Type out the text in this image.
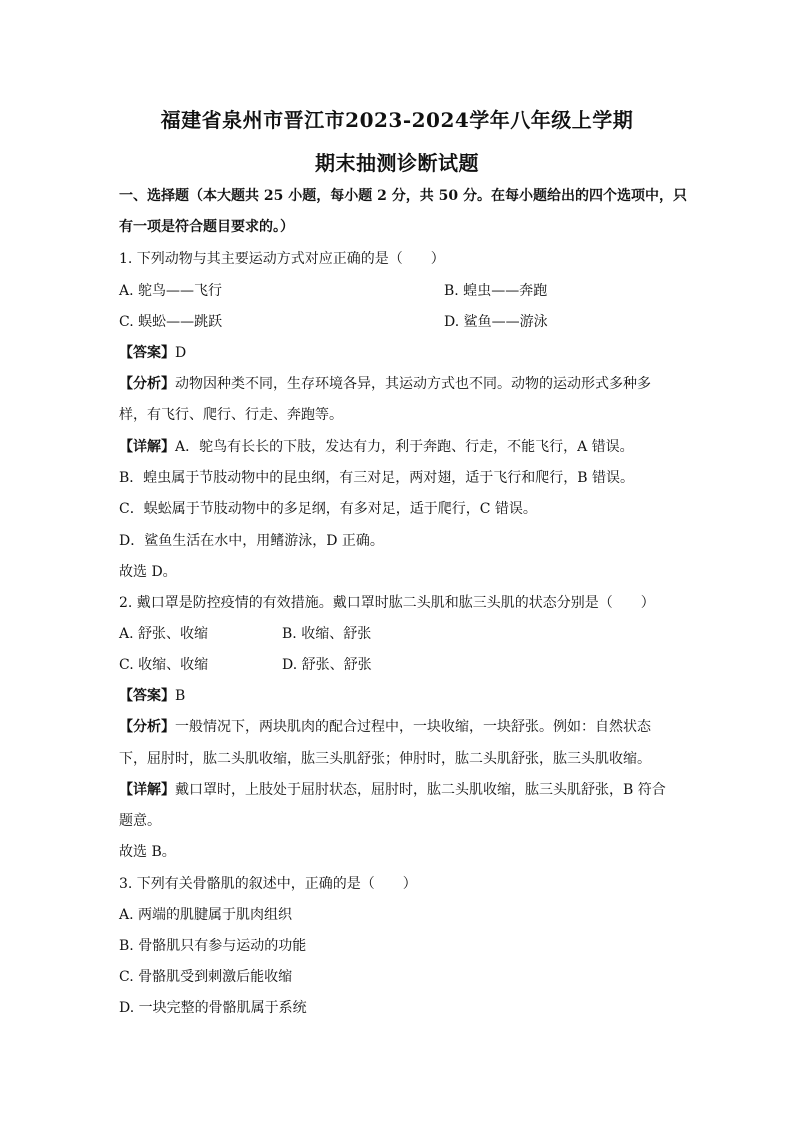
福建省泉州市晋江市2023-2024学年八年级上学期
期末抽测诊断试题
一、选择题（本大题共 25 小题，每小题 2 分，共 50 分。在每小题给出的四个选项中，只
有一项是符合题目要求的。）
1. 下列动物与其主要运动方式对应正确的是（　　）
A. 鸵鸟——飞行	B. 蝗虫——奔跑
C. 蜈蚣——跳跃	D. 鲨鱼——游泳
【答案】D
【分析】动物因种类不同，生存环境各异，其运动方式也不同。动物的运动形式多种多
样，有飞行、爬行、行走、奔跑等。
【详解】A．鸵鸟有长长的下肢，发达有力，利于奔跑、行走，不能飞行，A 错误。
B．蝗虫属于节肢动物中的昆虫纲，有三对足，两对翅，适于飞行和爬行，B 错误。
C．蜈蚣属于节肢动物中的多足纲，有多对足，适于爬行，C 错误。
D．鲨鱼生活在水中，用鳍游泳，D 正确。
故选 D。
2. 戴口罩是防控疫情的有效措施。戴口罩时肱二头肌和肱三头肌的状态分别是（　　）
A. 舒张、收缩	B. 收缩、舒张
C. 收缩、收缩	D. 舒张、舒张
【答案】B
【分析】一般情况下，两块肌肉的配合过程中，一块收缩，一块舒张。例如：自然状态
下，屈肘时，肱二头肌收缩，肱三头肌舒张；伸肘时，肱二头肌舒张，肱三头肌收缩。
【详解】戴口罩时，上肢处于屈肘状态，屈肘时，肱二头肌收缩，肱三头肌舒张，B 符合
题意。
故选 B。
3. 下列有关骨骼肌的叙述中，正确的是（　　）
A. 两端的肌腱属于肌肉组织
B. 骨骼肌只有参与运动的功能
C. 骨骼肌受到刺激后能收缩
D. 一块完整的骨骼肌属于系统
